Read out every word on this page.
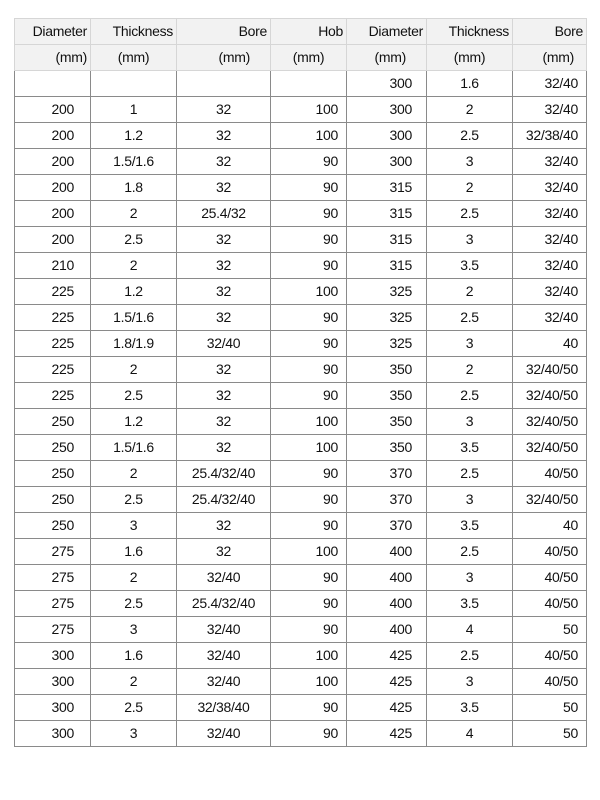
Diameter	Thickness	Bore	Hob	Diameter	Thickness	Bore
(mm)	(mm)	(mm)	(mm)	(mm)	(mm)	(mm)
				300	1.6	32/40
200	1	32	100	300	2	32/40
200	1.2	32	100	300	2.5	32/38/40
200	1.5/1.6	32	90	300	3	32/40
200	1.8	32	90	315	2	32/40
200	2	25.4/32	90	315	2.5	32/40
200	2.5	32	90	315	3	32/40
210	2	32	90	315	3.5	32/40
225	1.2	32	100	325	2	32/40
225	1.5/1.6	32	90	325	2.5	32/40
225	1.8/1.9	32/40	90	325	3	40
225	2	32	90	350	2	32/40/50
225	2.5	32	90	350	2.5	32/40/50
250	1.2	32	100	350	3	32/40/50
250	1.5/1.6	32	100	350	3.5	32/40/50
250	2	25.4/32/40	90	370	2.5	40/50
250	2.5	25.4/32/40	90	370	3	32/40/50
250	3	32	90	370	3.5	40
275	1.6	32	100	400	2.5	40/50
275	2	32/40	90	400	3	40/50
275	2.5	25.4/32/40	90	400	3.5	40/50
275	3	32/40	90	400	4	50
300	1.6	32/40	100	425	2.5	40/50
300	2	32/40	100	425	3	40/50
300	2.5	32/38/40	90	425	3.5	50
300	3	32/40	90	425	4	50
